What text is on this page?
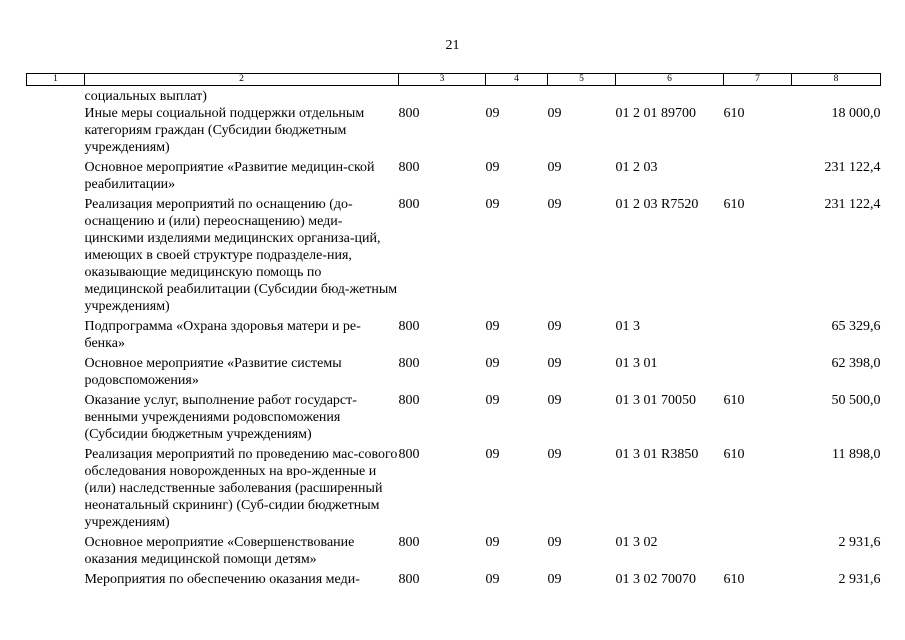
21
1	2	3	4	5	6	7	8
	социальных выплат)						
	Иные меры социальной подцержки отдельным категориям граждан (Субсидии бюджетным учреждениям)	800	09	09	01 2 01 89700	610	18 000,0
	Основное мероприятие «Развитие медицин-ской реабилитации»	800	09	09	01 2 03		231 122,4
	Реализация мероприятий по оснащению (до-оснащению и (или) переоснащению) меди-цинскими изделиями медицинских организа-ций, имеющих в своей структуре подразделе-ния, оказывающие медицинскую помощь по медицинской реабилитации (Субсидии бюд-жетным учреждениям)	800	09	09	01 2 03 R7520	610	231 122,4
	Подпрограмма «Охрана здоровья матери и ре-бенка»	800	09	09	01 3		65 329,6
	Основное мероприятие «Развитие системы родовспоможения»	800	09	09	01 3 01		62 398,0
	Оказание услуг, выполнение работ государст-венными учреждениями родовспоможения (Субсидии бюджетным учреждениям)	800	09	09	01 3 01 70050	610	50 500,0
	Реализация мероприятий по проведению мас-сового обследования новорожденных на вро-жденные и (или) наследственные заболевания (расширенный неонатальный скрининг) (Суб-сидии бюджетным учреждениям)	800	09	09	01 3 01 R3850	610	11 898,0
	Основное мероприятие «Совершенствование оказания медицинской помощи детям»	800	09	09	01 3 02		2 931,6
	Мероприятия по обеспечению оказания меди-	800	09	09	01 3 02 70070	610	2 931,6
